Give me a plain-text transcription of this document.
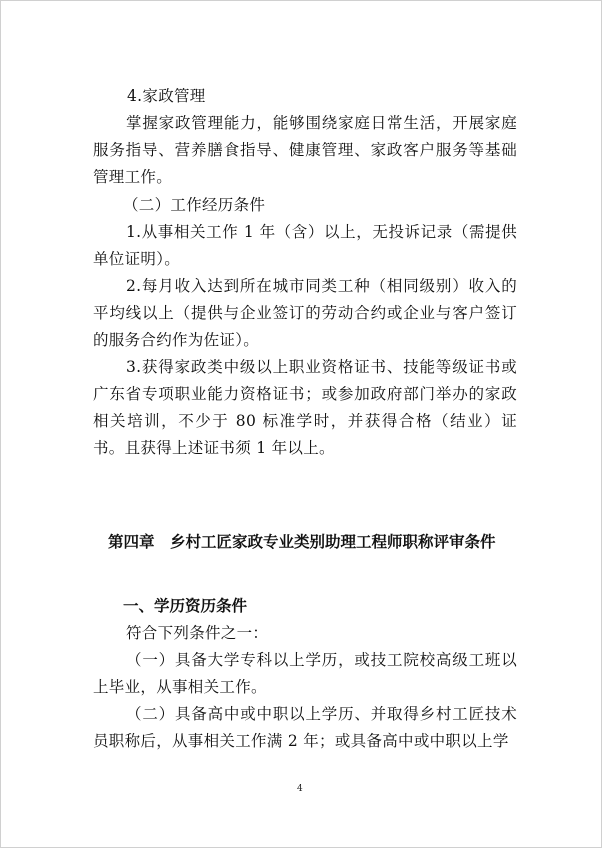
4.家政管理

掌握家政管理能力，能够围绕家庭日常生活，开展家庭服务指导、营养膳食指导、健康管理、家政客户服务等基础管理工作。

（二）工作经历条件

1.从事相关工作 1 年（含）以上，无投诉记录（需提供单位证明）。

2.每月收入达到所在城市同类工种（相同级别）收入的平均线以上（提供与企业签订的劳动合约或企业与客户签订的服务合约作为佐证）。

3.获得家政类中级以上职业资格证书、技能等级证书或广东省专项职业能力资格证书；或参加政府部门举办的家政相关培训，不少于 80 标准学时，并获得合格（结业）证书。且获得上述证书须 1 年以上。

第四章　乡村工匠家政专业类别助理工程师职称评审条件

一、学历资历条件

符合下列条件之一：

（一）具备大学专科以上学历，或技工院校高级工班以上毕业，从事相关工作。

（二）具备高中或中职以上学历、并取得乡村工匠技术员职称后，从事相关工作满 2 年；或具备高中或中职以上学

4
